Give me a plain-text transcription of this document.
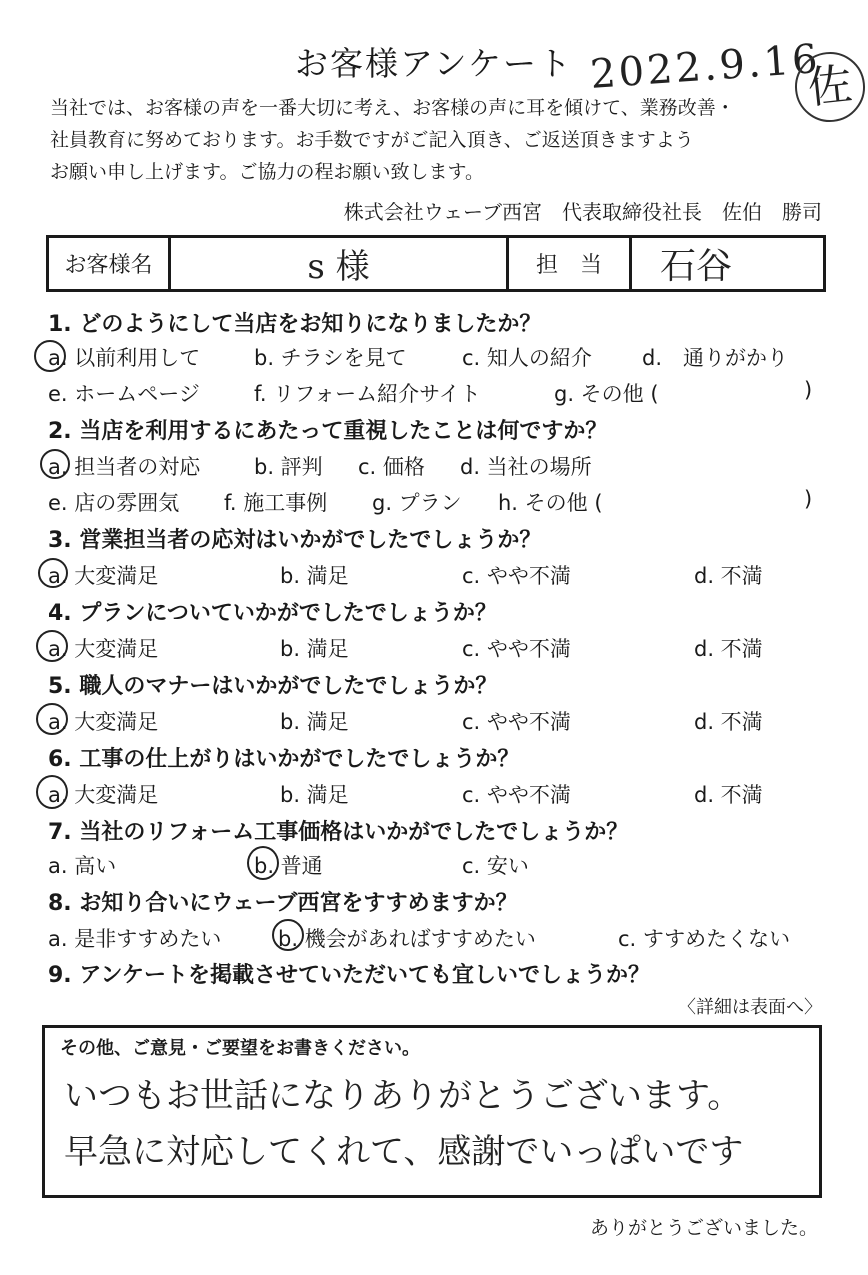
お客様アンケート 2022.9.16
佐
当社では、お客様の声を一番大切に考え、お客様の声に耳を傾けて、業務改善・
社員教育に努めております。お手数ですがご記入頂き、ご返送頂きますよう
お願い申し上げます。ご協力の程お願い致します。
株式会社ウェーブ西宮　代表取締役社長　佐伯　勝司
お客様名	s 様	担　当 石谷
1. どのようにして当店をお知りになりましたか？
a. 以前利用して	b. チラシを見て	c. 知人の紹介 d.　通りがかり
e. ホームページ	f. リフォーム紹介サイト	g. その他 (	)
2. 当店を利用するにあたって重視したことは何ですか？
a. 担当者の対応	b. 評判 c. 価格 d. 当社の場所
e. 店の雰囲気 f. 施工事例 g. プラン h. その他 (	)
3. 営業担当者の応対はいかがでしたでしょうか？
a. 大変満足	b. 満足	c. やや不満	d. 不満
4. プランについていかがでしたでしょうか？
a. 大変満足	b. 満足	c. やや不満	d. 不満
5. 職人のマナーはいかがでしたでしょうか？
a. 大変満足	b. 満足	c. やや不満	d. 不満
6. 工事の仕上がりはいかがでしたでしょうか？
a. 大変満足	b. 満足	c. やや不満	d. 不満
7. 当社のリフォーム工事価格はいかがでしたでしょうか？
a. 高い	b. 普通	c. 安い
8. お知り合いにウェーブ西宮をすすめますか？
a. 是非すすめたい	b. 機会があればすすめたい	c. すすめたくない
9. アンケートを掲載させていただいても宜しいでしょうか？
〈詳細は表面へ〉
その他、ご意見・ご要望をお書きください。
いつもお世話になりありがとうございます。
早急に対応してくれて、感謝でいっぱいです
ありがとうございました。
